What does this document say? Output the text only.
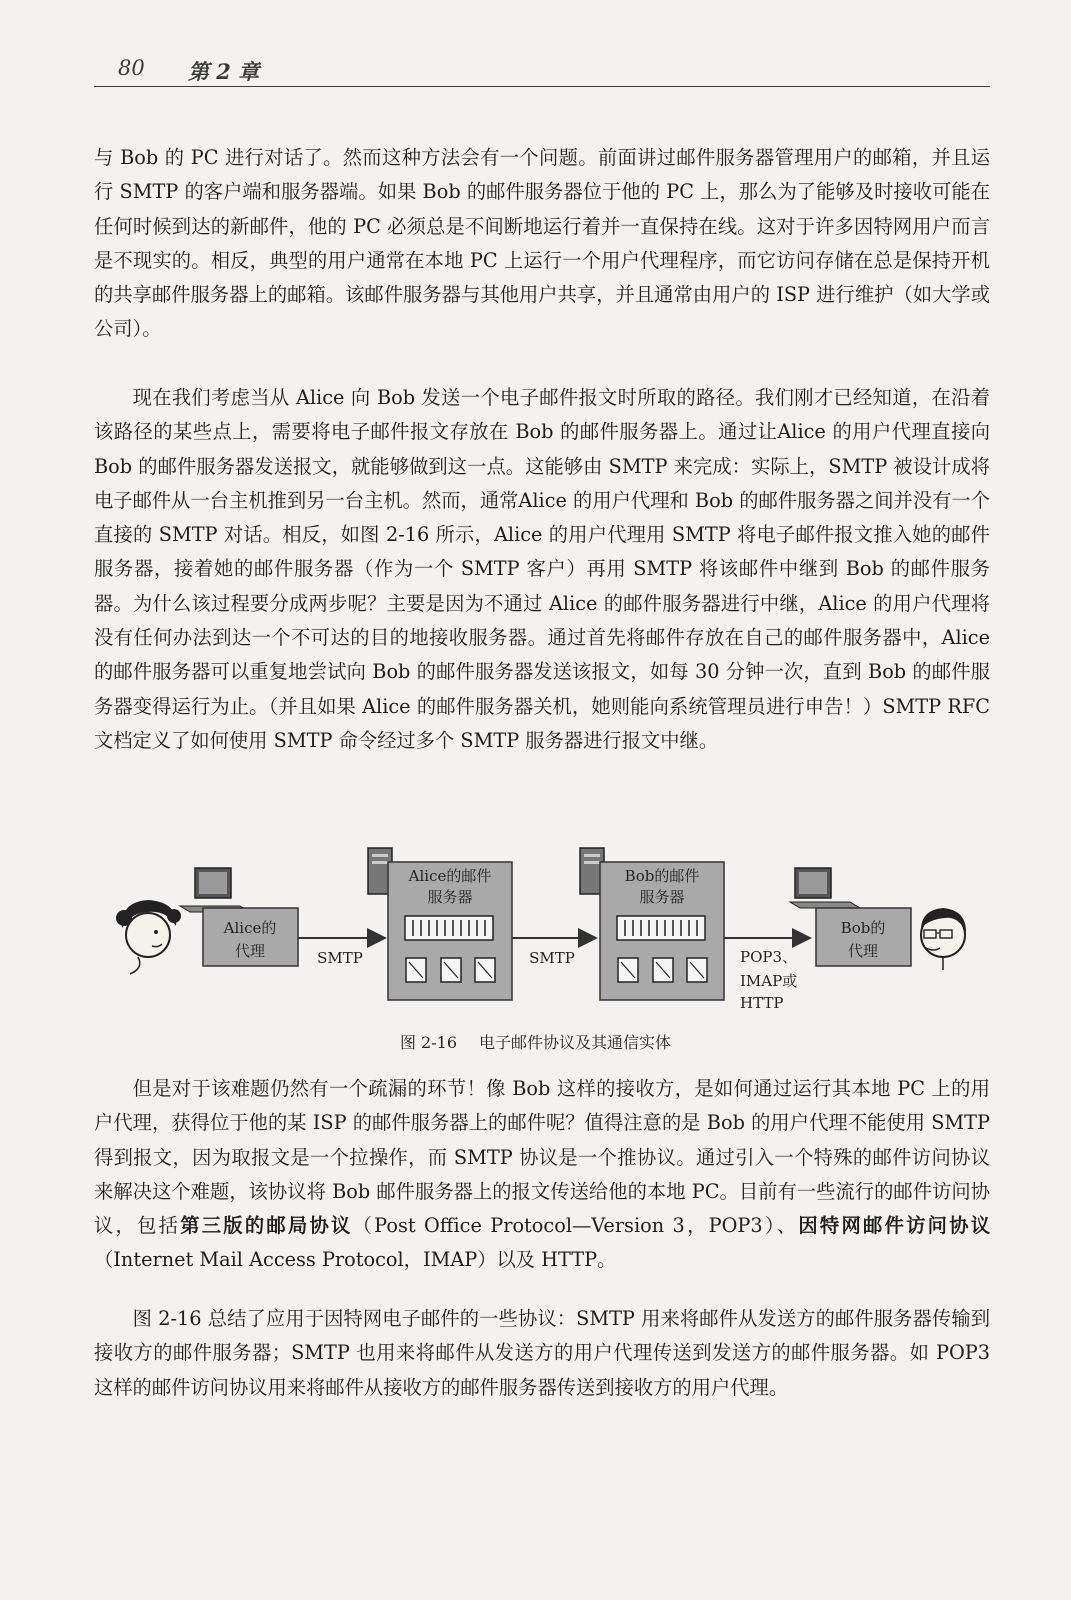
80 第 2 章

与 Bob 的 PC 进行对话了。然而这种方法会有一个问题。前面讲过邮件服务器管理用户的邮箱，并且运行 SMTP 的客户端和服务器端。如果 Bob 的邮件服务器位于他的 PC 上，那么为了能够及时接收可能在任何时候到达的新邮件，他的 PC 必须总是不间断地运行着并一直保持在线。这对于许多因特网用户而言是不现实的。相反，典型的用户通常在本地 PC 上运行一个用户代理程序，而它访问存储在总是保持开机的共享邮件服务器上的邮箱。该邮件服务器与其他用户共享，并且通常由用户的 ISP 进行维护（如大学或公司）。

现在我们考虑当从 Alice 向 Bob 发送一个电子邮件报文时所取的路径。我们刚才已经知道，在沿着该路径的某些点上，需要将电子邮件报文存放在 Bob 的邮件服务器上。通过让Alice 的用户代理直接向 Bob 的邮件服务器发送报文，就能够做到这一点。这能够由 SMTP 来完成：实际上，SMTP 被设计成将电子邮件从一台主机推到另一台主机。然而，通常Alice 的用户代理和 Bob 的邮件服务器之间并没有一个直接的 SMTP 对话。相反，如图 2-16 所示，Alice 的用户代理用 SMTP 将电子邮件报文推入她的邮件服务器，接着她的邮件服务器（作为一个 SMTP 客户）再用 SMTP 将该邮件中继到 Bob 的邮件服务器。为什么该过程要分成两步呢？主要是因为不通过 Alice 的邮件服务器进行中继，Alice 的用户代理将没有任何办法到达一个不可达的目的地接收服务器。通过首先将邮件存放在自己的邮件服务器中，Alice 的邮件服务器可以重复地尝试向 Bob 的邮件服务器发送该报文，如每 30 分钟一次，直到 Bob 的邮件服务器变得运行为止。（并且如果 Alice 的邮件服务器关机，她则能向系统管理员进行申告！）SMTP RFC 文档定义了如何使用 SMTP 命令经过多个 SMTP 服务器进行报文中继。

Alice的
代理	SMTP
Alice的邮件
服务器
SMTP
Bob的邮件
服务器
POP3、
IMAP或
HTTP
Bob的
代理
图 2-16 电子邮件协议及其通信实体

但是对于该难题仍然有一个疏漏的环节！像 Bob 这样的接收方，是如何通过运行其本地 PC 上的用户代理，获得位于他的某 ISP 的邮件服务器上的邮件呢？值得注意的是 Bob 的用户代理不能使用 SMTP 得到报文，因为取报文是一个拉操作，而 SMTP 协议是一个推协议。通过引入一个特殊的邮件访问协议来解决这个难题，该协议将 Bob 邮件服务器上的报文传送给他的本地 PC。目前有一些流行的邮件访问协议，包括第三版的邮局协议（Post Office Protocol—Version 3，POP3）、因特网邮件访问协议（Internet Mail Access Protocol，IMAP）以及 HTTP。

图 2-16 总结了应用于因特网电子邮件的一些协议：SMTP 用来将邮件从发送方的邮件服务器传输到接收方的邮件服务器；SMTP 也用来将邮件从发送方的用户代理传送到发送方的邮件服务器。如 POP3 这样的邮件访问协议用来将邮件从接收方的邮件服务器传送到接收方的用户代理。
